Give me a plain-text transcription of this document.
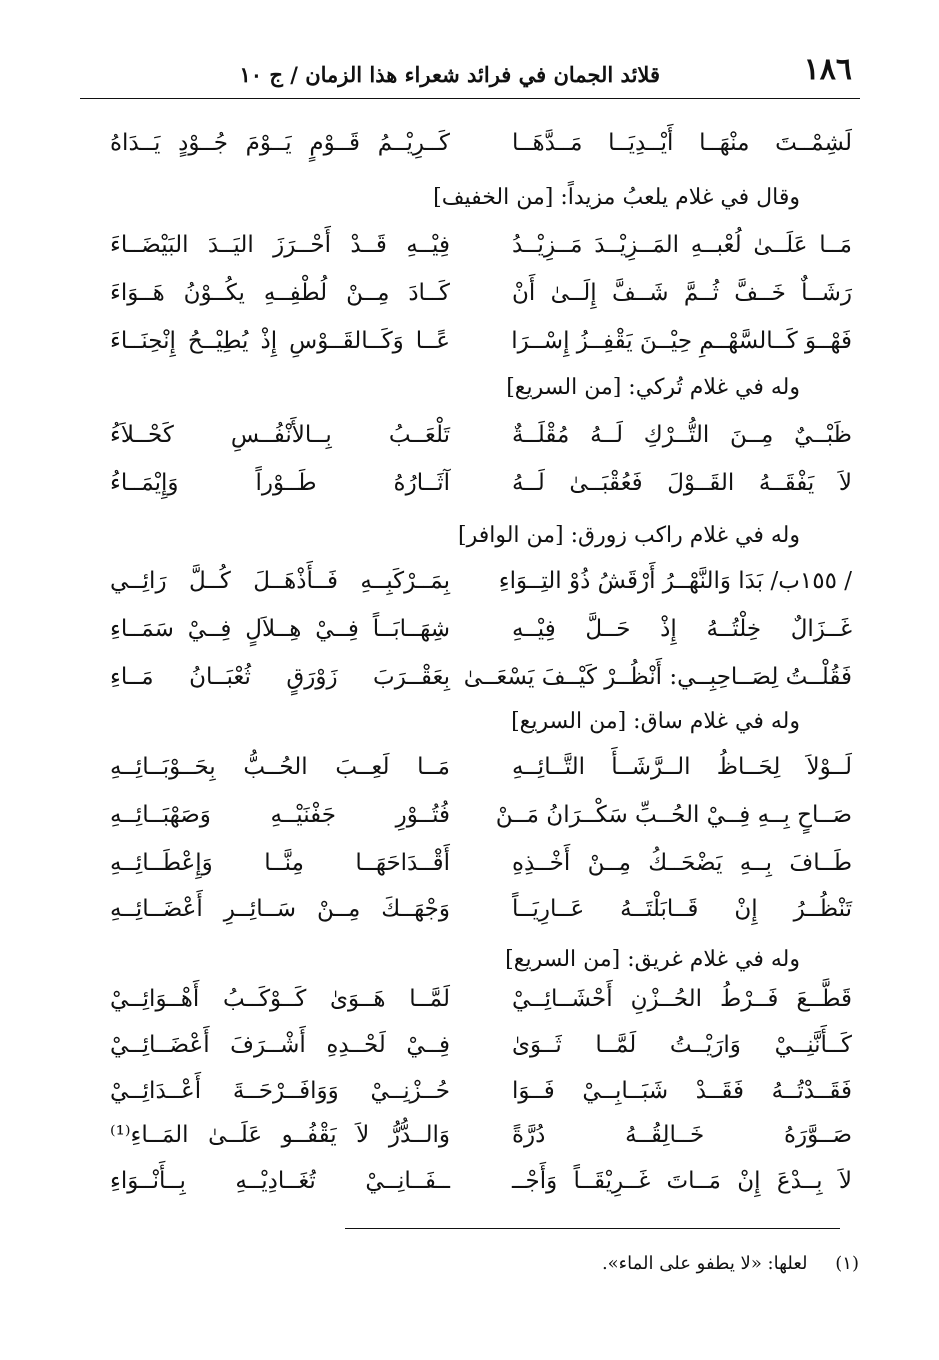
١٨٦
قلائد الجمان في فرائد شعراء هذا الزمان / ج ١٠
لَشِمْــتَ منْهَــا أَيْــدِيَــا مَــدَّهَــا
كَــرِيْــمُ قَــوْمٍ يَــوْمَ جُــوْدٍ يَــدَاهُ
وقال في غلام يلعبُ مزيداً: [من الخفيف]
مَــا عَلَــىٰ لُعْبــهِ المَــزِيْــدَ مَــزِيْــدُ
فِيْــهِ قَــدْ أَحْــرَزَ اليَــدَ البَيْضَــاءَ
رَشَــاٌ خَــفَّ ثُــمَّ شَــفَّ إِلَــىٰ أَنْ
كَــادَ مِــنْ لُطْفِــهِ يكُــوْنُ هَــوَاءَ
فَهْــوَ كَــالسَّهْــمِ حِيْــنَ يَقْفِــزُ إِسْــرَا
عًــا وَكَــالقَــوْسِ إِذْ يُطِيْــحُ إِنْحِنَــاءَ
وله في غلام تُركي: [من السريع]
ظَبْــيٌ مِــنَ التُّــرْكِ لَــهُ مُقْلَــةٌ
تَلْعَــبُ بِــالأَنْفُــسِ كَحْــلاَءُ
لاَ يَفْقَــهُ القَــوْلَ فَعُقْبَــىٰ لَــهُ
آثَــارُهُ طَــوْراً وَإِيْمَــاءُ
وله في غلام راكب زورق: [من الوافر]
/ ١٥٥ب/ بَدَا وَالنَّهْــرُ أَرْقَشُ ذُوْ التِــوَاءِ
بِمَــرْكَبِــهِ فَــأَذْهَــلَ كُــلَّ رَائِــي
غَــزَالٌ خِلْتُــهُ إِذْ حَــلَّ فِيْــهِ
شِهَــابَــاً فِــيْ هِــلاَلٍ فِــيْ سَمَــاءِ
فَقُلْــتُ لِصَــاحِبِــي: أَنْظُــرْ كَيْــفَ يَسْعَــىٰ
بِعَقْــرَبَ زَوْرَقٍ ثُعْبَــانُ مَــاءِ
وله في غلام ساق: [من السريع]
لَــوْلاَ لِحَــاظُ الــرَّشَــأَ التَّــائِــهِ
مَــا لَعِــبَ الحُــبُّ بِحَــوْبَــائِــهِ
صَــاحٍ بِــهِ فِــيْ الحُــبِّ سَكْــرَانُ مَــنْ
فُتُــوْرِ جَفْنَيْــهِ وَصَهْبَــائِــهِ
طَــافَ بِــهِ يَضْحَــكُ مِــنْ أَخْــذِهِ
أَقْــدَاحَهَــا مِنَّــا وَإِعْطَــائِــهِ
تَنْظُــرُ إِنْ قَــابَلْتَــهُ عَــارِيَــاً
وَجْهَــكَ مِــنْ سَــائِــرِ أَعْضَــائِــهِ
وله في غلام غريق: [من السريع]
قَطَّــعَ فَــرْطُ الحُــزْنِ أَحْشَــائِــيْ
لَمَّــا هَــوَىٰ كَــوْكَــبُ أَهْــوَائِــيْ
كَــأَنَّنِــيْ وَارَيْــتُ لَمَّــا ثَــوَىٰ
فِــيْ لَحْــدِهِ أَشْــرَفَ أَعْضَــائِــيْ
فَقَــدْتُــهُ فَقَــدْ شَبَــابِــيْ فَــوَا
حُــزْنِــيْ وَوَافَــرْحَــةَ أَعْــدَائِــيْ
صَــوَّرَهُ خَــالِقُــهُ دُرَّةً
وَالــدُّرُّ لاَ يَقْفُــو عَلَــىٰ المَــاءِ⁽¹⁾
لاَ بِــدْعَ إِنْ مَــاتَ غَــرِيْقَــاً وَأَجْــ
ــفَــانِــيْ تُغَــادِيْــهِ بِــأَنْــوَاءِ
(١) لعلها: «لا يطفو على الماء».
